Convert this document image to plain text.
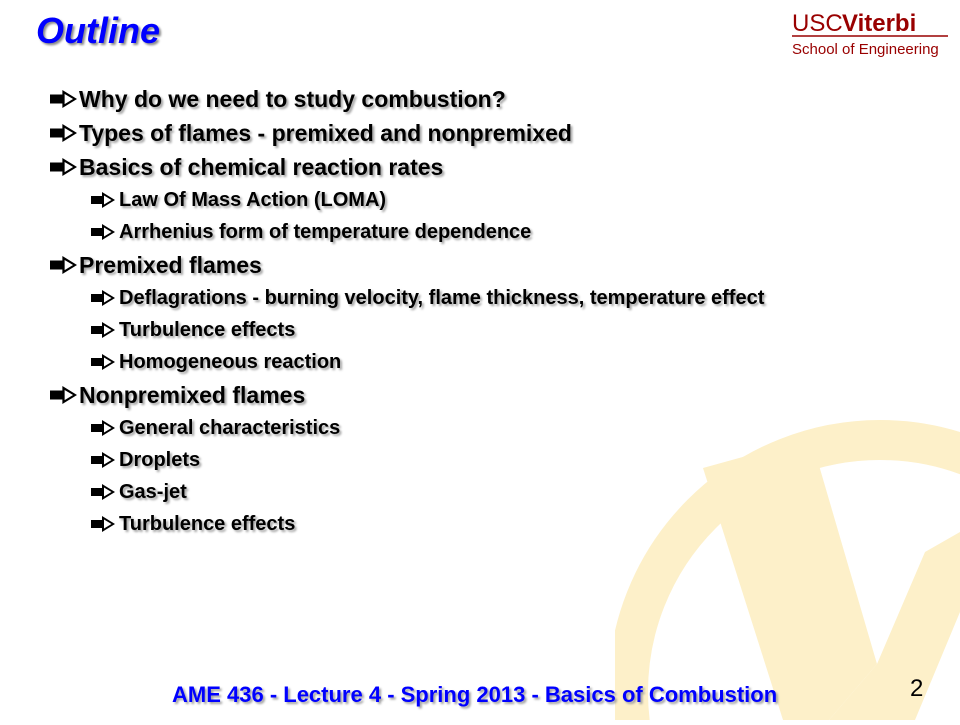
Outline	USC Viterbi
School of Engineering
Why do we need to study combustion?
Types of flames - premixed and nonpremixed
Basics of chemical reaction rates
Law Of Mass Action (LOMA)
Arrhenius form of temperature dependence
Premixed flames
Deflagrations - burning velocity, flame thickness, temperature effect
Turbulence effects
Homogeneous reaction
Nonpremixed flames
General characteristics
Droplets
Gas-jet
Turbulence effects

AME 436 - Lecture 4 - Spring 2013 - Basics of Combustion	2
